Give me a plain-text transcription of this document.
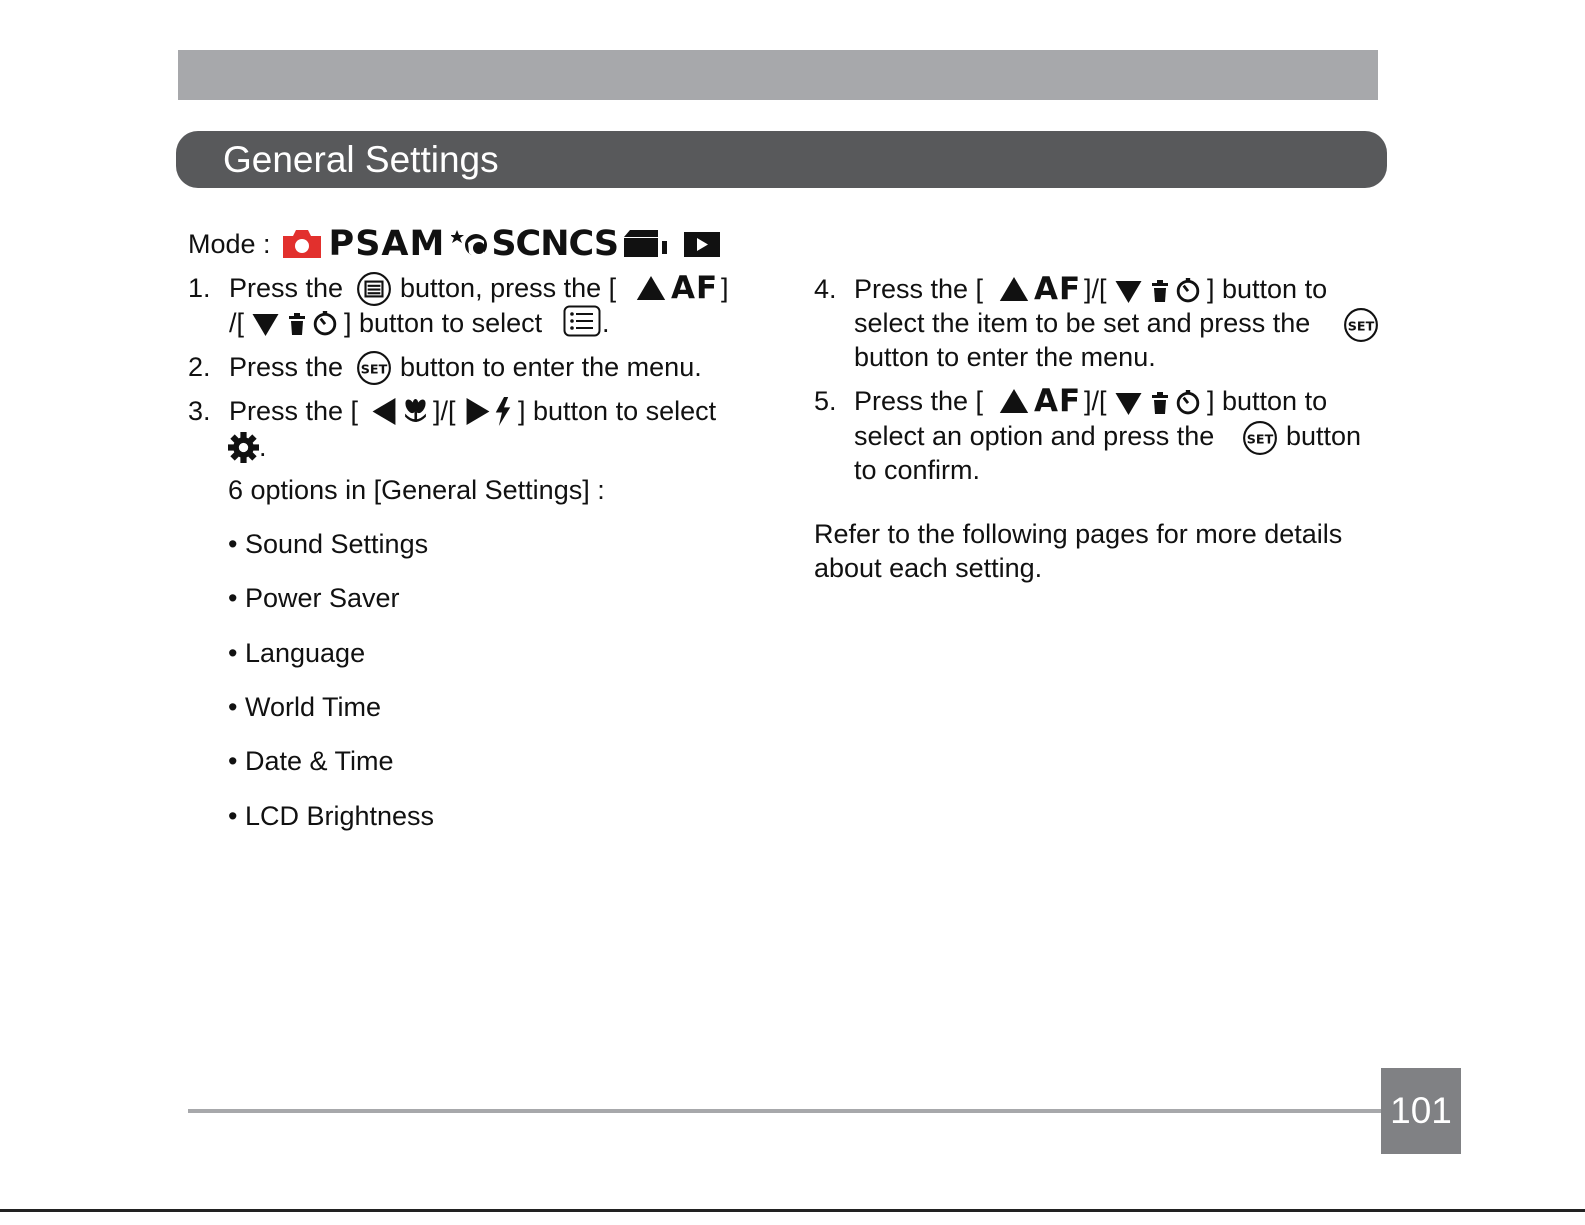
General Settings
Mode : PSAM SCN CS
1. Press the button, press the [ AF ]
/[	] button to select .
2. Press the button to enter the menu.
3. Press the [	]/[ ] button to select
.
6 options in [General Settings] :
• Sound Settings
• Power Saver
• Language
• World Time
• Date & Time
• LCD Brightness
4. Press the [ AF ]/[	] button to
select the item to be set and press the
button to enter the menu.
5. Press the [ AF ]/[	] button to
select an option and press the	button
to confirm.
Refer to the following pages for more details
about each setting.
101
